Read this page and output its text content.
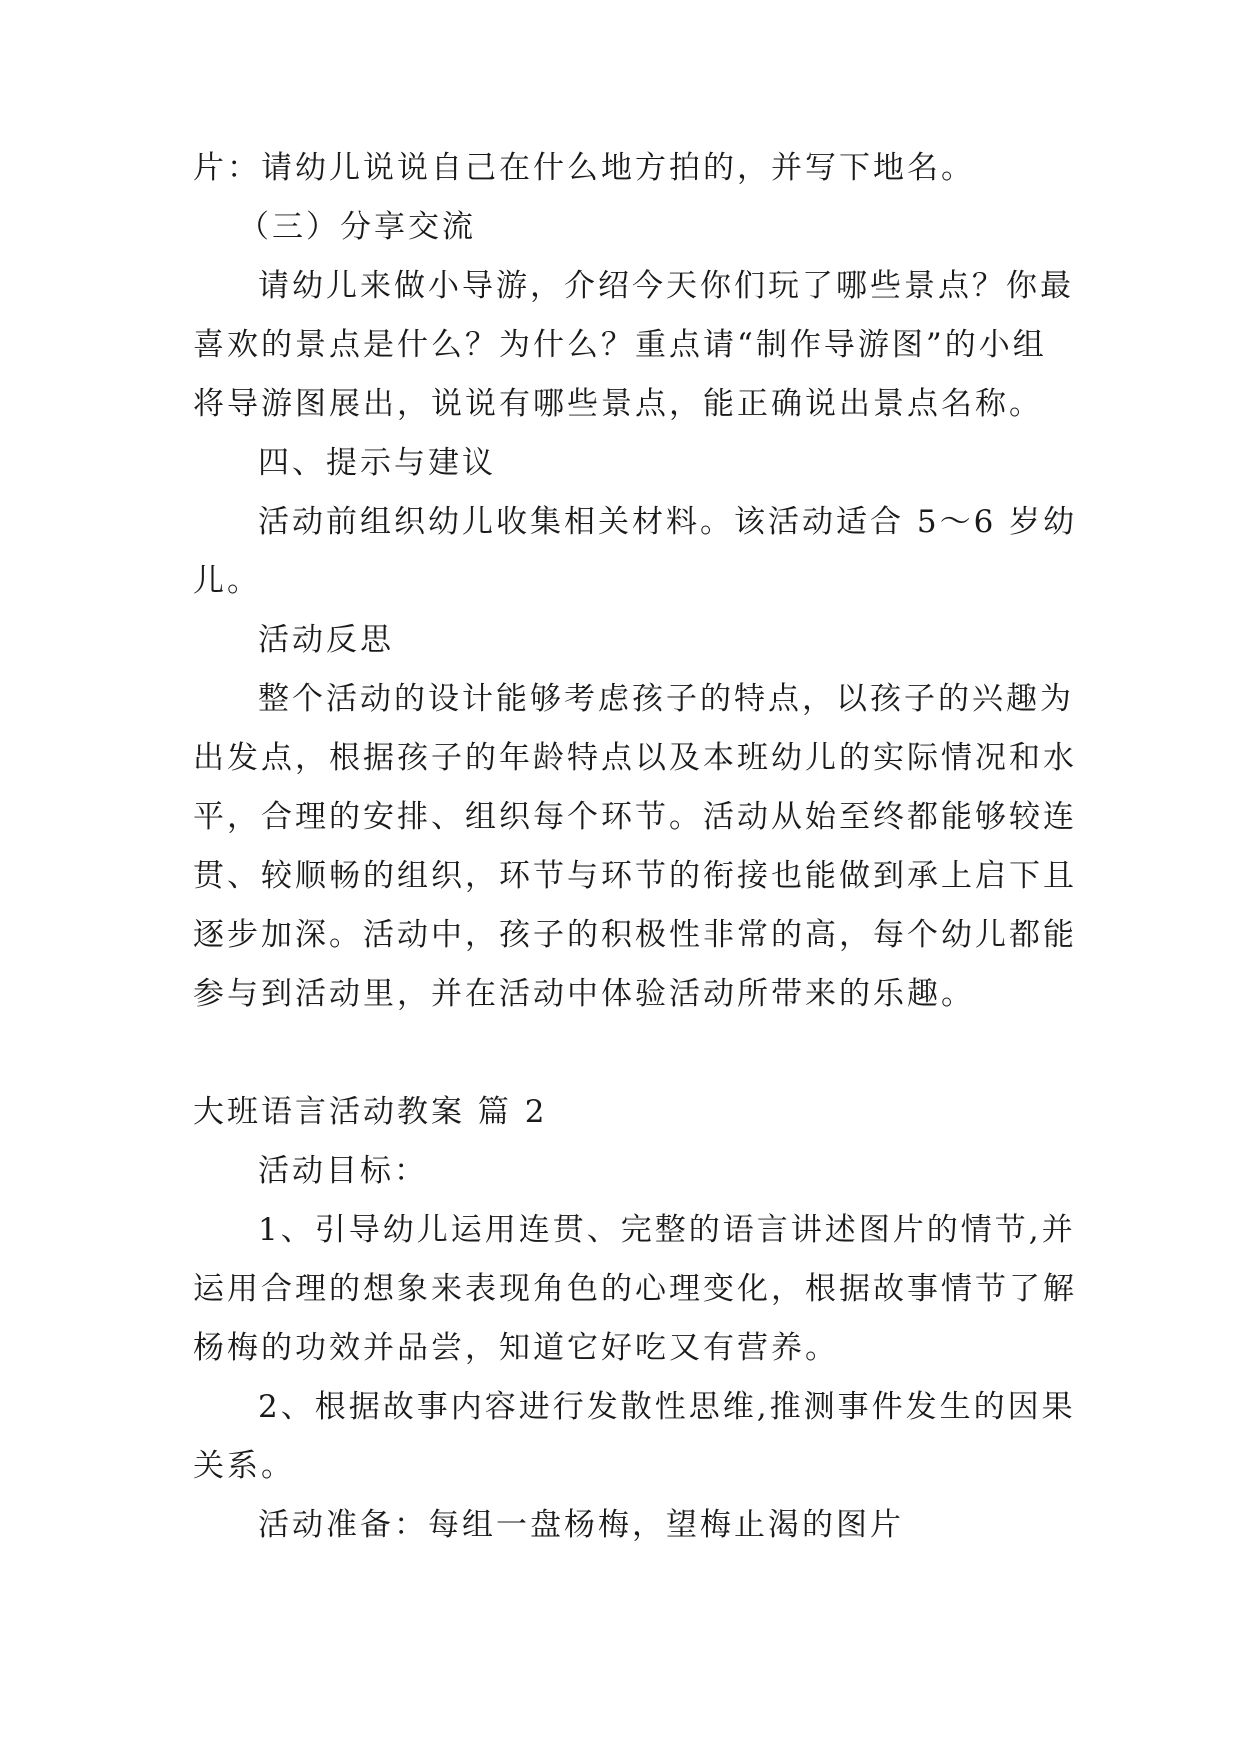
片：请幼儿说说自己在什么地方拍的，并写下地名。

（三）分享交流

请幼儿来做小导游，介绍今天你们玩了哪些景点？你最

喜欢的景点是什么？为什么？重点请“制作导游图”的小组

将导游图展出，说说有哪些景点，能正确说出景点名称。

四、提示与建议

活动前组织幼儿收集相关材料。该活动适合 5～6 岁幼

儿。

活动反思

整个活动的设计能够考虑孩子的特点，以孩子的兴趣为

出发点，根据孩子的年龄特点以及本班幼儿的实际情况和水

平，合理的安排、组织每个环节。活动从始至终都能够较连

贯、较顺畅的组织，环节与环节的衔接也能做到承上启下且

逐步加深。活动中，孩子的积极性非常的高，每个幼儿都能

参与到活动里，并在活动中体验活动所带来的乐趣。

大班语言活动教案 篇 2

活动目标：

1、引导幼儿运用连贯、完整的语言讲述图片的情节,并

运用合理的想象来表现角色的心理变化，根据故事情节了解

杨梅的功效并品尝，知道它好吃又有营养。

2、根据故事内容进行发散性思维,推测事件发生的因果

关系。

活动准备：每组一盘杨梅，望梅止渴的图片
